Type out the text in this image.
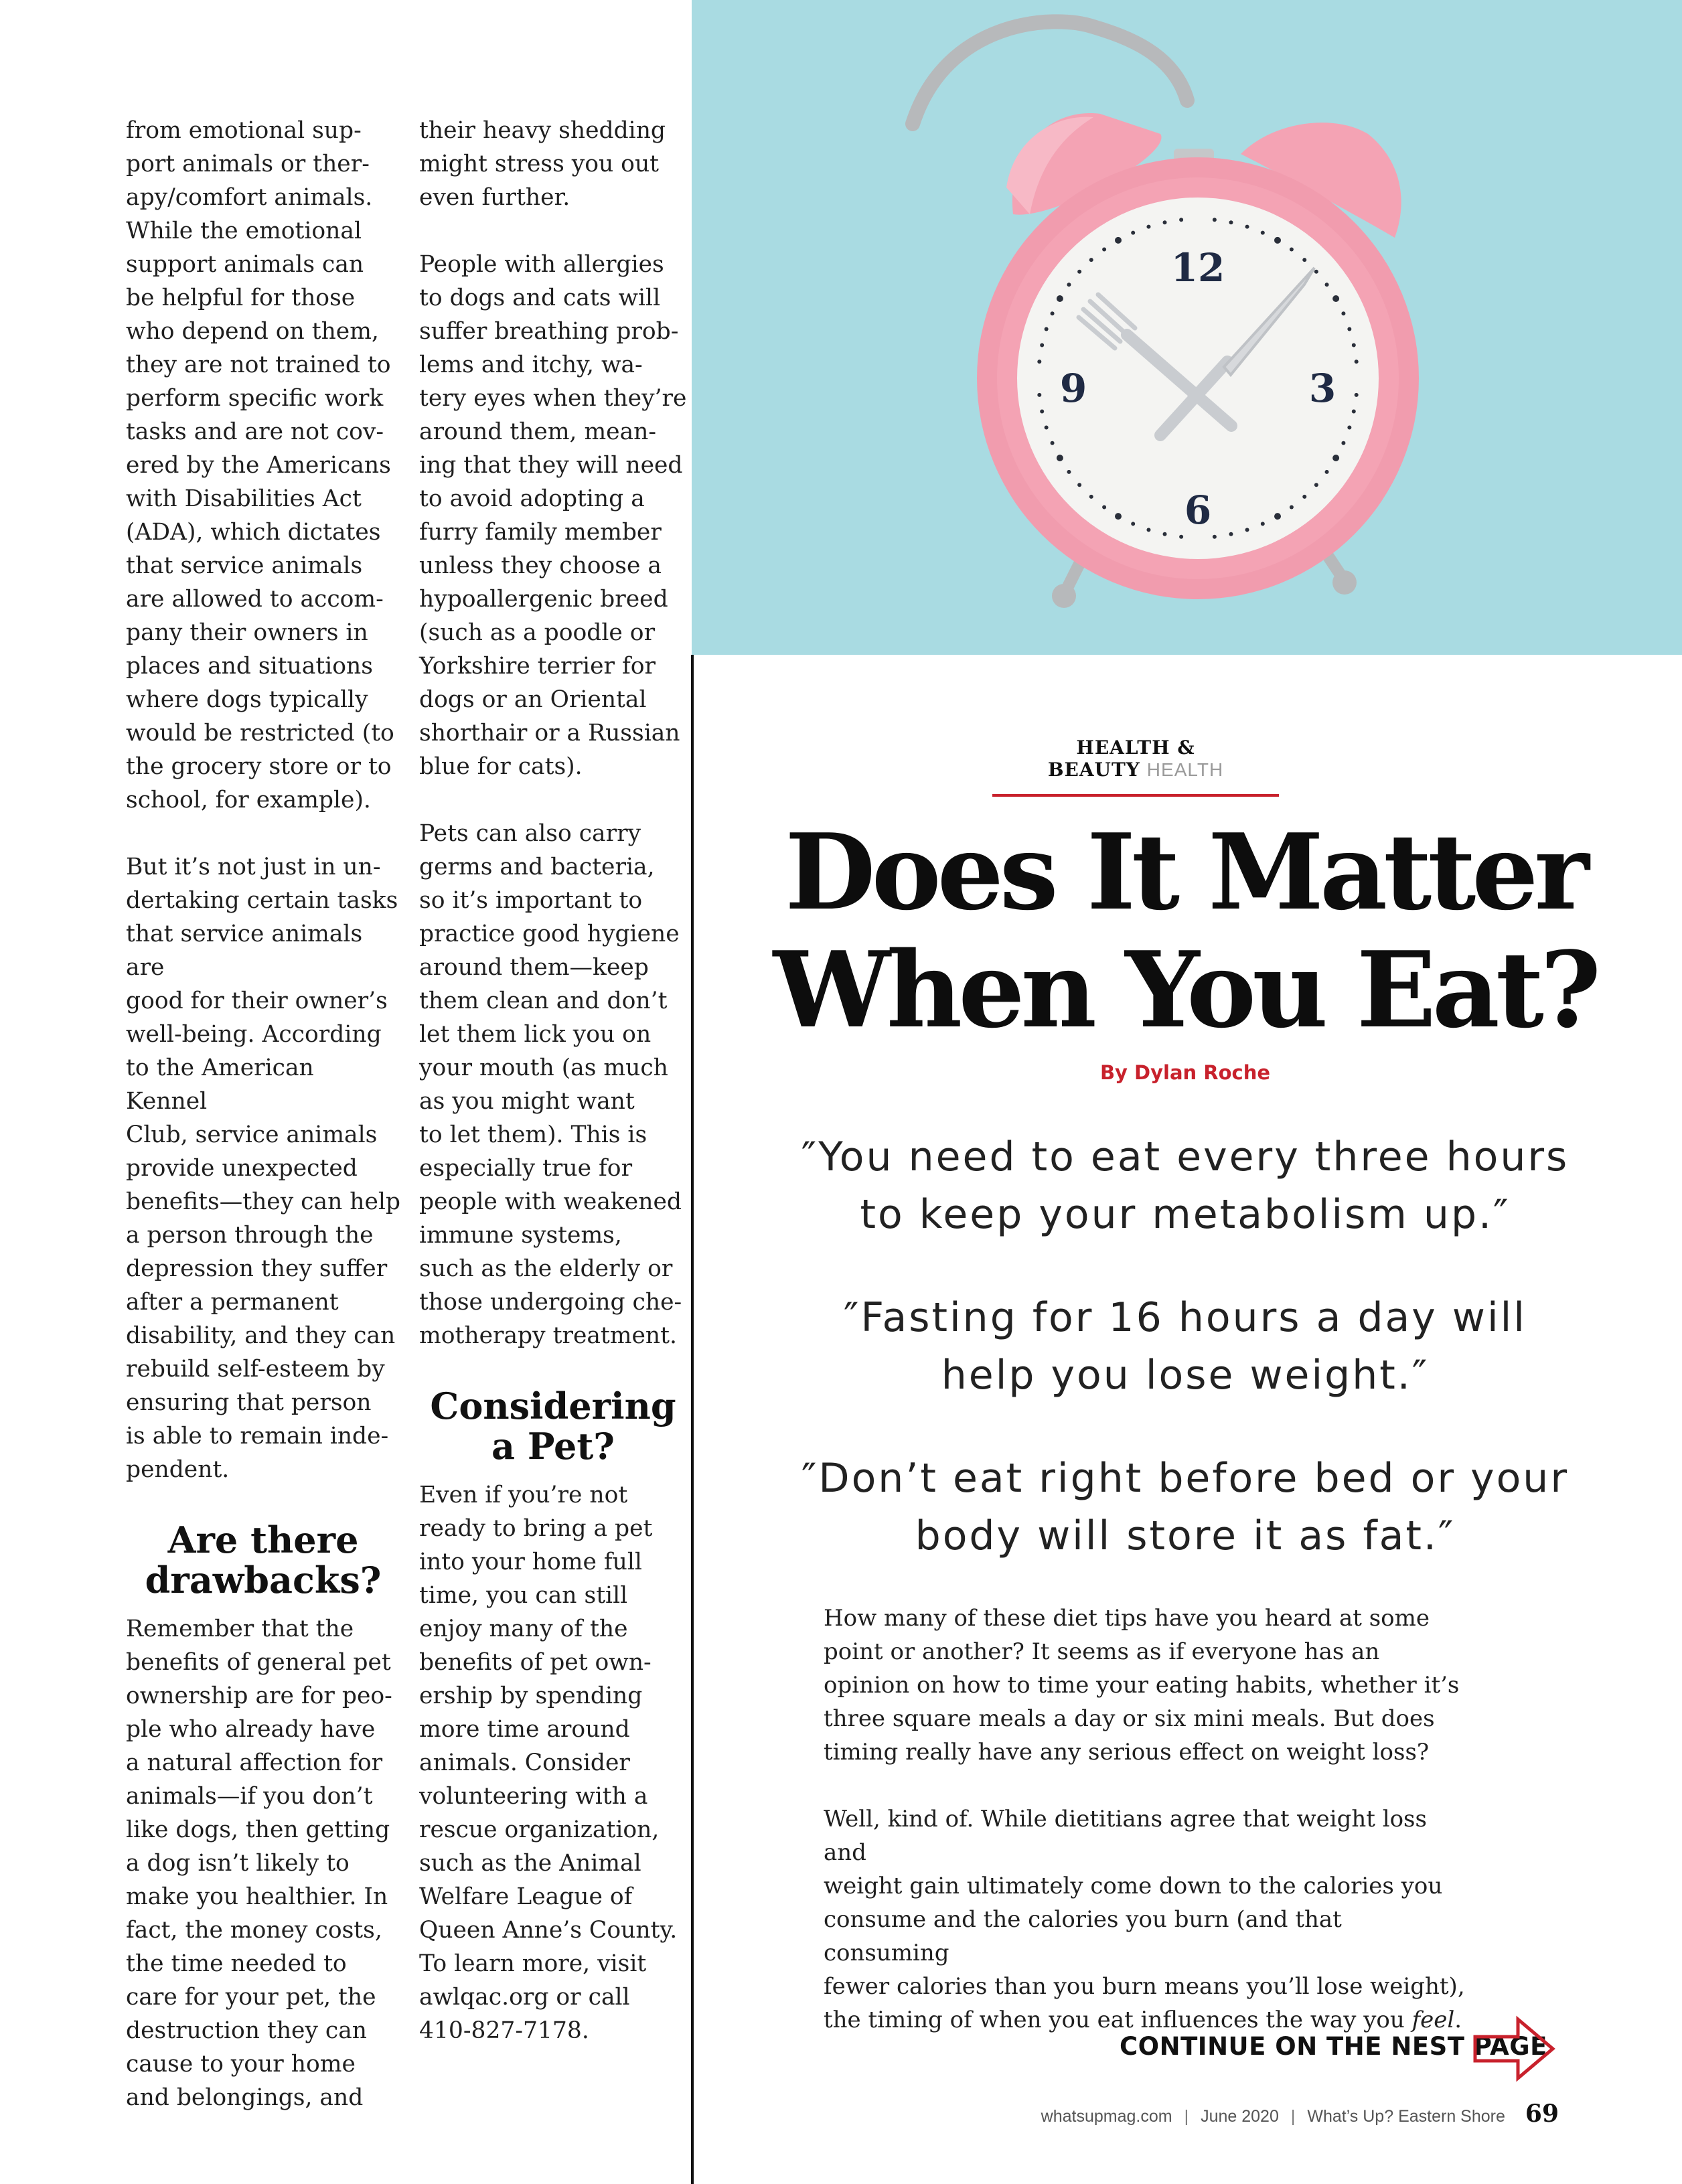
from emotional sup-
port animals or ther-
apy/comfort animals.
While the emotional
support animals can
be helpful for those
who depend on them,
they are not trained to
perform specific work
tasks and are not cov-
ered by the Americans
with Disabilities Act
(ADA), which dictates
that service animals
are allowed to accom-
pany their owners in
places and situations
where dogs typically
would be restricted (to
the grocery store or to
school, for example).

But it’s not just in un-
dertaking certain tasks
that service animals are
good for their owner’s
well-being. According
to the American Kennel
Club, service animals
provide unexpected
benefits—they can help
a person through the
depression they suffer
after a permanent
disability, and they can
rebuild self-esteem by
ensuring that person
is able to remain inde-
pendent.

Are there
drawbacks?

Remember that the
benefits of general pet
ownership are for peo-
ple who already have
a natural affection for
animals—if you don’t
like dogs, then getting
a dog isn’t likely to
make you healthier. In
fact, the money costs,
the time needed to
care for your pet, the
destruction they can
cause to your home
and belongings, and

their heavy shedding
might stress you out
even further.

People with allergies
to dogs and cats will
suffer breathing prob-
lems and itchy, wa-
tery eyes when they’re
around them, mean-
ing that they will need
to avoid adopting a
furry family member
unless they choose a
hypoallergenic breed
(such as a poodle or
Yorkshire terrier for
dogs or an Oriental
shorthair or a Russian
blue for cats).

Pets can also carry
germs and bacteria,
so it’s important to
practice good hygiene
around them—keep
them clean and don’t
let them lick you on
your mouth (as much
as you might want
to let them). This is
especially true for
people with weakened
immune systems,
such as the elderly or
those undergoing che-
motherapy treatment.

Considering
a Pet?

Even if you’re not
ready to bring a pet
into your home full
time, you can still
enjoy many of the
benefits of pet own-
ership by spending
more time around
animals. Consider
volunteering with a
rescue organization,
such as the Animal
Welfare League of
Queen Anne’s County.
To learn more, visit
awlqac.org or call
410-827-7178.

12
3
6
9
HEALTH & BEAUTY HEALTH
Does It Matter
When You Eat?
By Dylan Roche

″You need to eat every three hours
to keep your metabolism up.″

″Fasting for 16 hours a day will
help you lose weight.″

″Don’t eat right before bed or your
body will store it as fat.″

How many of these diet tips have you heard at some
point or another? It seems as if everyone has an
opinion on how to time your eating habits, whether it’s
three square meals a day or six mini meals. But does
timing really have any serious effect on weight loss?

Well, kind of. While dietitians agree that weight loss and
weight gain ultimately come down to the calories you
consume and the calories you burn (and that consuming
fewer calories than you burn means you’ll lose weight),
the timing of when you eat influences the way you feel.

CONTINUE ON THE NEST PAGE
whatsupmag.com | June 2020 | What’s Up? Eastern Shore 69
